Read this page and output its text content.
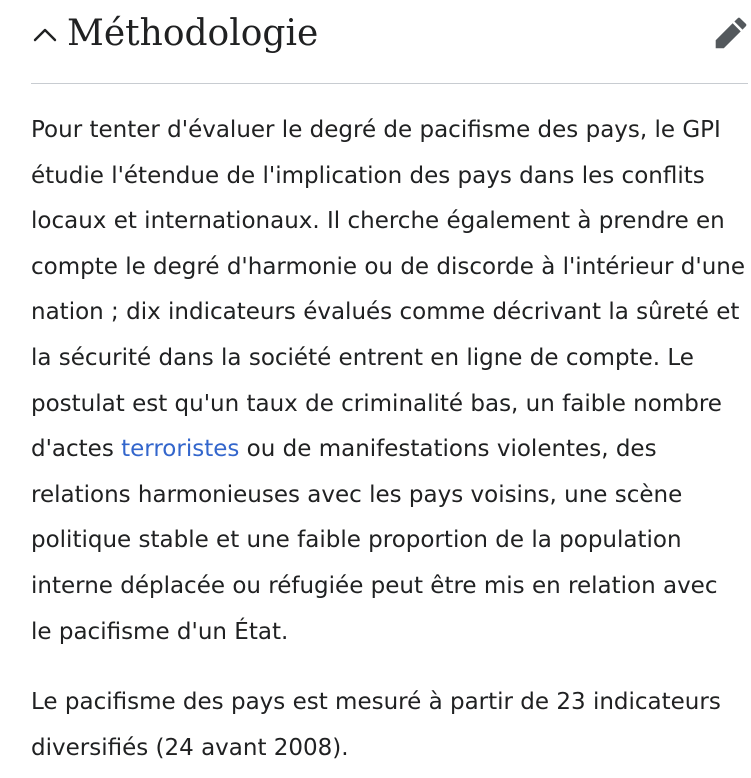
Méthodologie

Pour tenter d'évaluer le degré de pacifisme des pays, le GPI étudie l'étendue de l'implication des pays dans les conflits locaux et internationaux. Il cherche également à prendre en compte le degré d'harmonie ou de discorde à l'intérieur d'une nation ; dix indicateurs évalués comme décrivant la sûreté et la sécurité dans la société entrent en ligne de compte. Le postulat est qu'un taux de criminalité bas, un faible nombre d'actes terroristes ou de manifestations violentes, des relations harmonieuses avec les pays voisins, une scène politique stable et une faible proportion de la population interne déplacée ou réfugiée peut être mis en relation avec le pacifisme d'un État.

Le pacifisme des pays est mesuré à partir de 23 indicateurs diversifiés (24 avant 2008).
